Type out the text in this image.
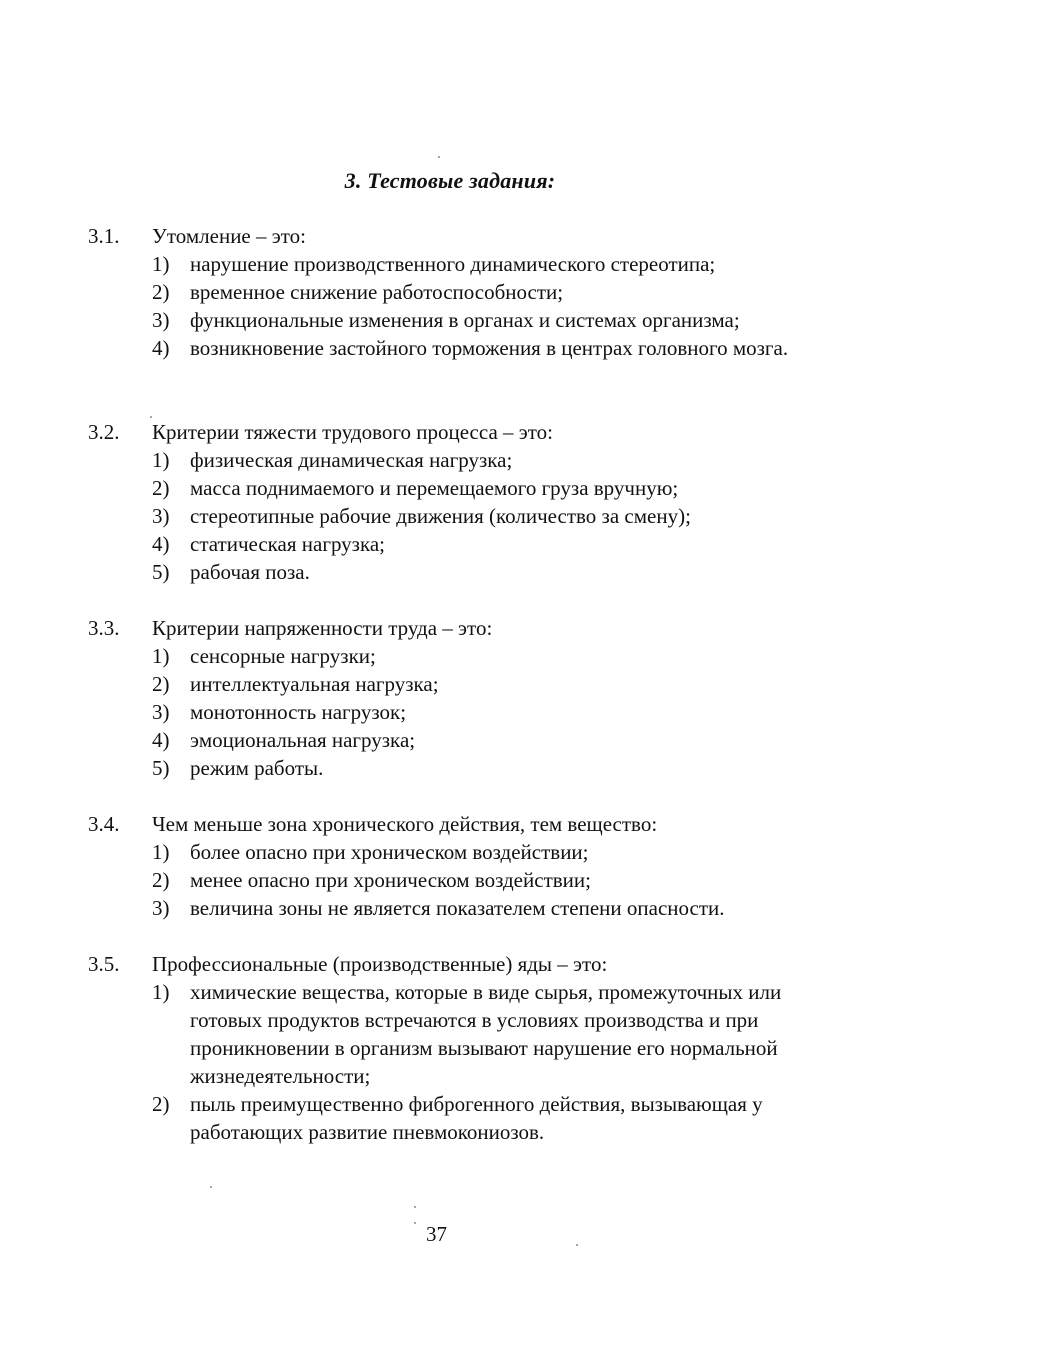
3. Тестовые задания:
3.1.	Утомление – это:
1) нарушение производственного динамического стереотипа;
2) временное снижение работоспособности;
3) функциональные изменения в органах и системах организма;
4) возникновение застойного торможения в центрах головного мозга.
3.2.	Критерии тяжести трудового процесса – это:
1) физическая динамическая нагрузка;
2) масса поднимаемого и перемещаемого груза вручную;
3) стереотипные рабочие движения (количество за смену);
4) статическая нагрузка;
5) рабочая поза.
3.3.	Критерии напряженности труда – это:
1) сенсорные нагрузки;
2) интеллектуальная нагрузка;
3) монотонность нагрузок;
4) эмоциональная нагрузка;
5) режим работы.
3.4.	Чем меньше зона хронического действия, тем вещество:
1) более опасно при хроническом воздействии;
2) менее опасно при хроническом воздействии;
3) величина зоны не является показателем степени опасности.
3.5.	Профессиональные (производственные) яды – это:
1) химические вещества, которые в виде сырья, промежуточных или готовых продуктов встречаются в условиях производства и при проникновении в организм вызывают нарушение его нормальной жизнедеятельности;
2) пыль преимущественно фиброгенного действия, вызывающая у работающих развитие пневмокониозов.
37
